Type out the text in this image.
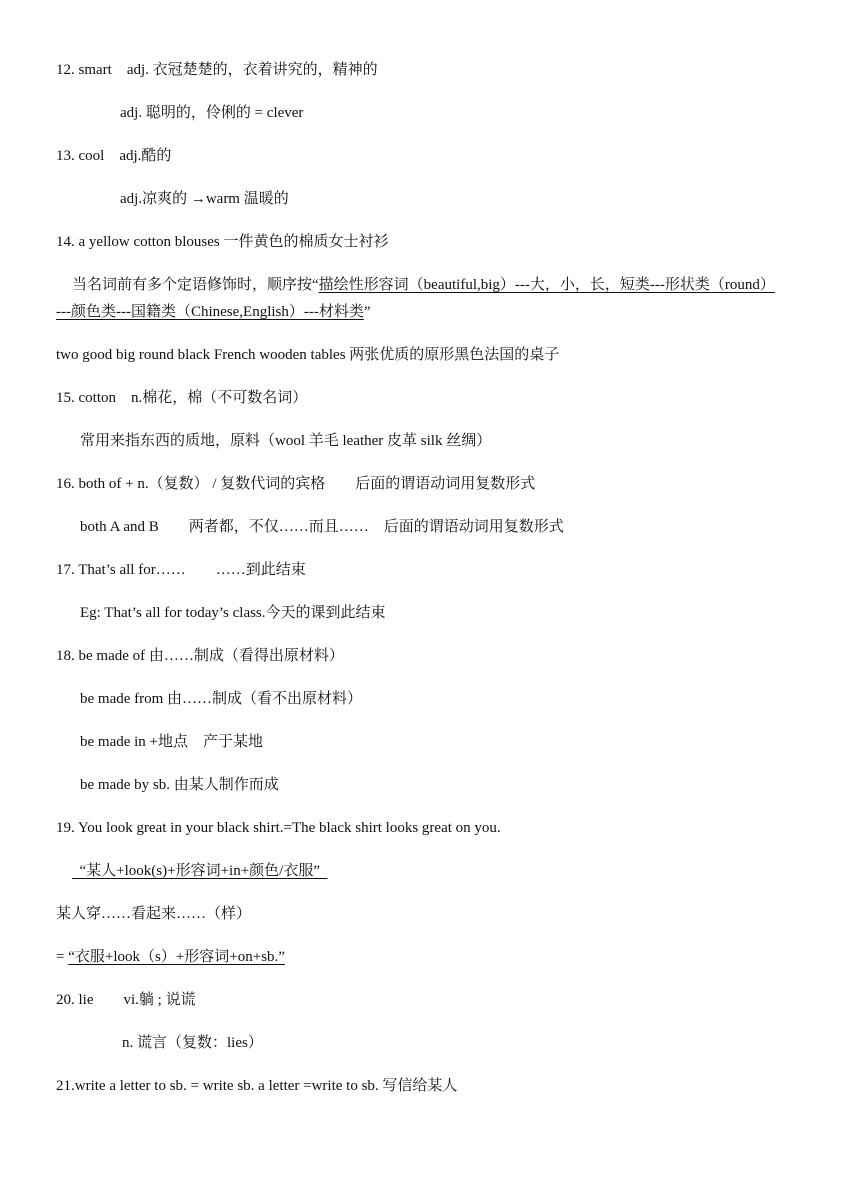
12. smart adj. 衣冠楚楚的，衣着讲究的，精神的
adj. 聪明的，伶俐的 = clever
13. cool adj.酷的
adj.凉爽的 →warm 温暖的
14. a yellow cotton blouses 一件黄色的棉质女士衬衫
当名词前有多个定语修饰时，顺序按“描绘性形容词（beautiful,big）---大，小，长，短类---形状类（round）
---颜色类---国籍类（Chinese,English）---材料类”
two good big round black French wooden tables 两张优质的原形黑色法国的桌子
15. cotton n.棉花，棉（不可数名词）
常用来指东西的质地，原料（wool 羊毛 leather 皮革 silk 丝绸）
16. both of + n.（复数） / 复数代词的宾格  后面的谓语动词用复数形式
both A and B  两者都，不仅……而且…… 后面的谓语动词用复数形式
17. That’s all for……  ……到此结束
Eg: That’s all for today’s class.今天的课到此结束
18. be made of 由……制成（看得出原材料）
be made from 由……制成（看不出原材料）
be made in +地点 产于某地
be made by sb. 由某人制作而成
19. You look great in your black shirt.=The black shirt looks great on you.
“某人+look(s)+形容词+in+颜色/衣服”
某人穿……看起来……（样）
= “衣服+look（s）+形容词+on+sb.”
20. lie  vi.躺 ; 说谎
n. 谎言（复数：lies）
21.write a letter to sb. = write sb. a letter =write to sb. 写信给某人
